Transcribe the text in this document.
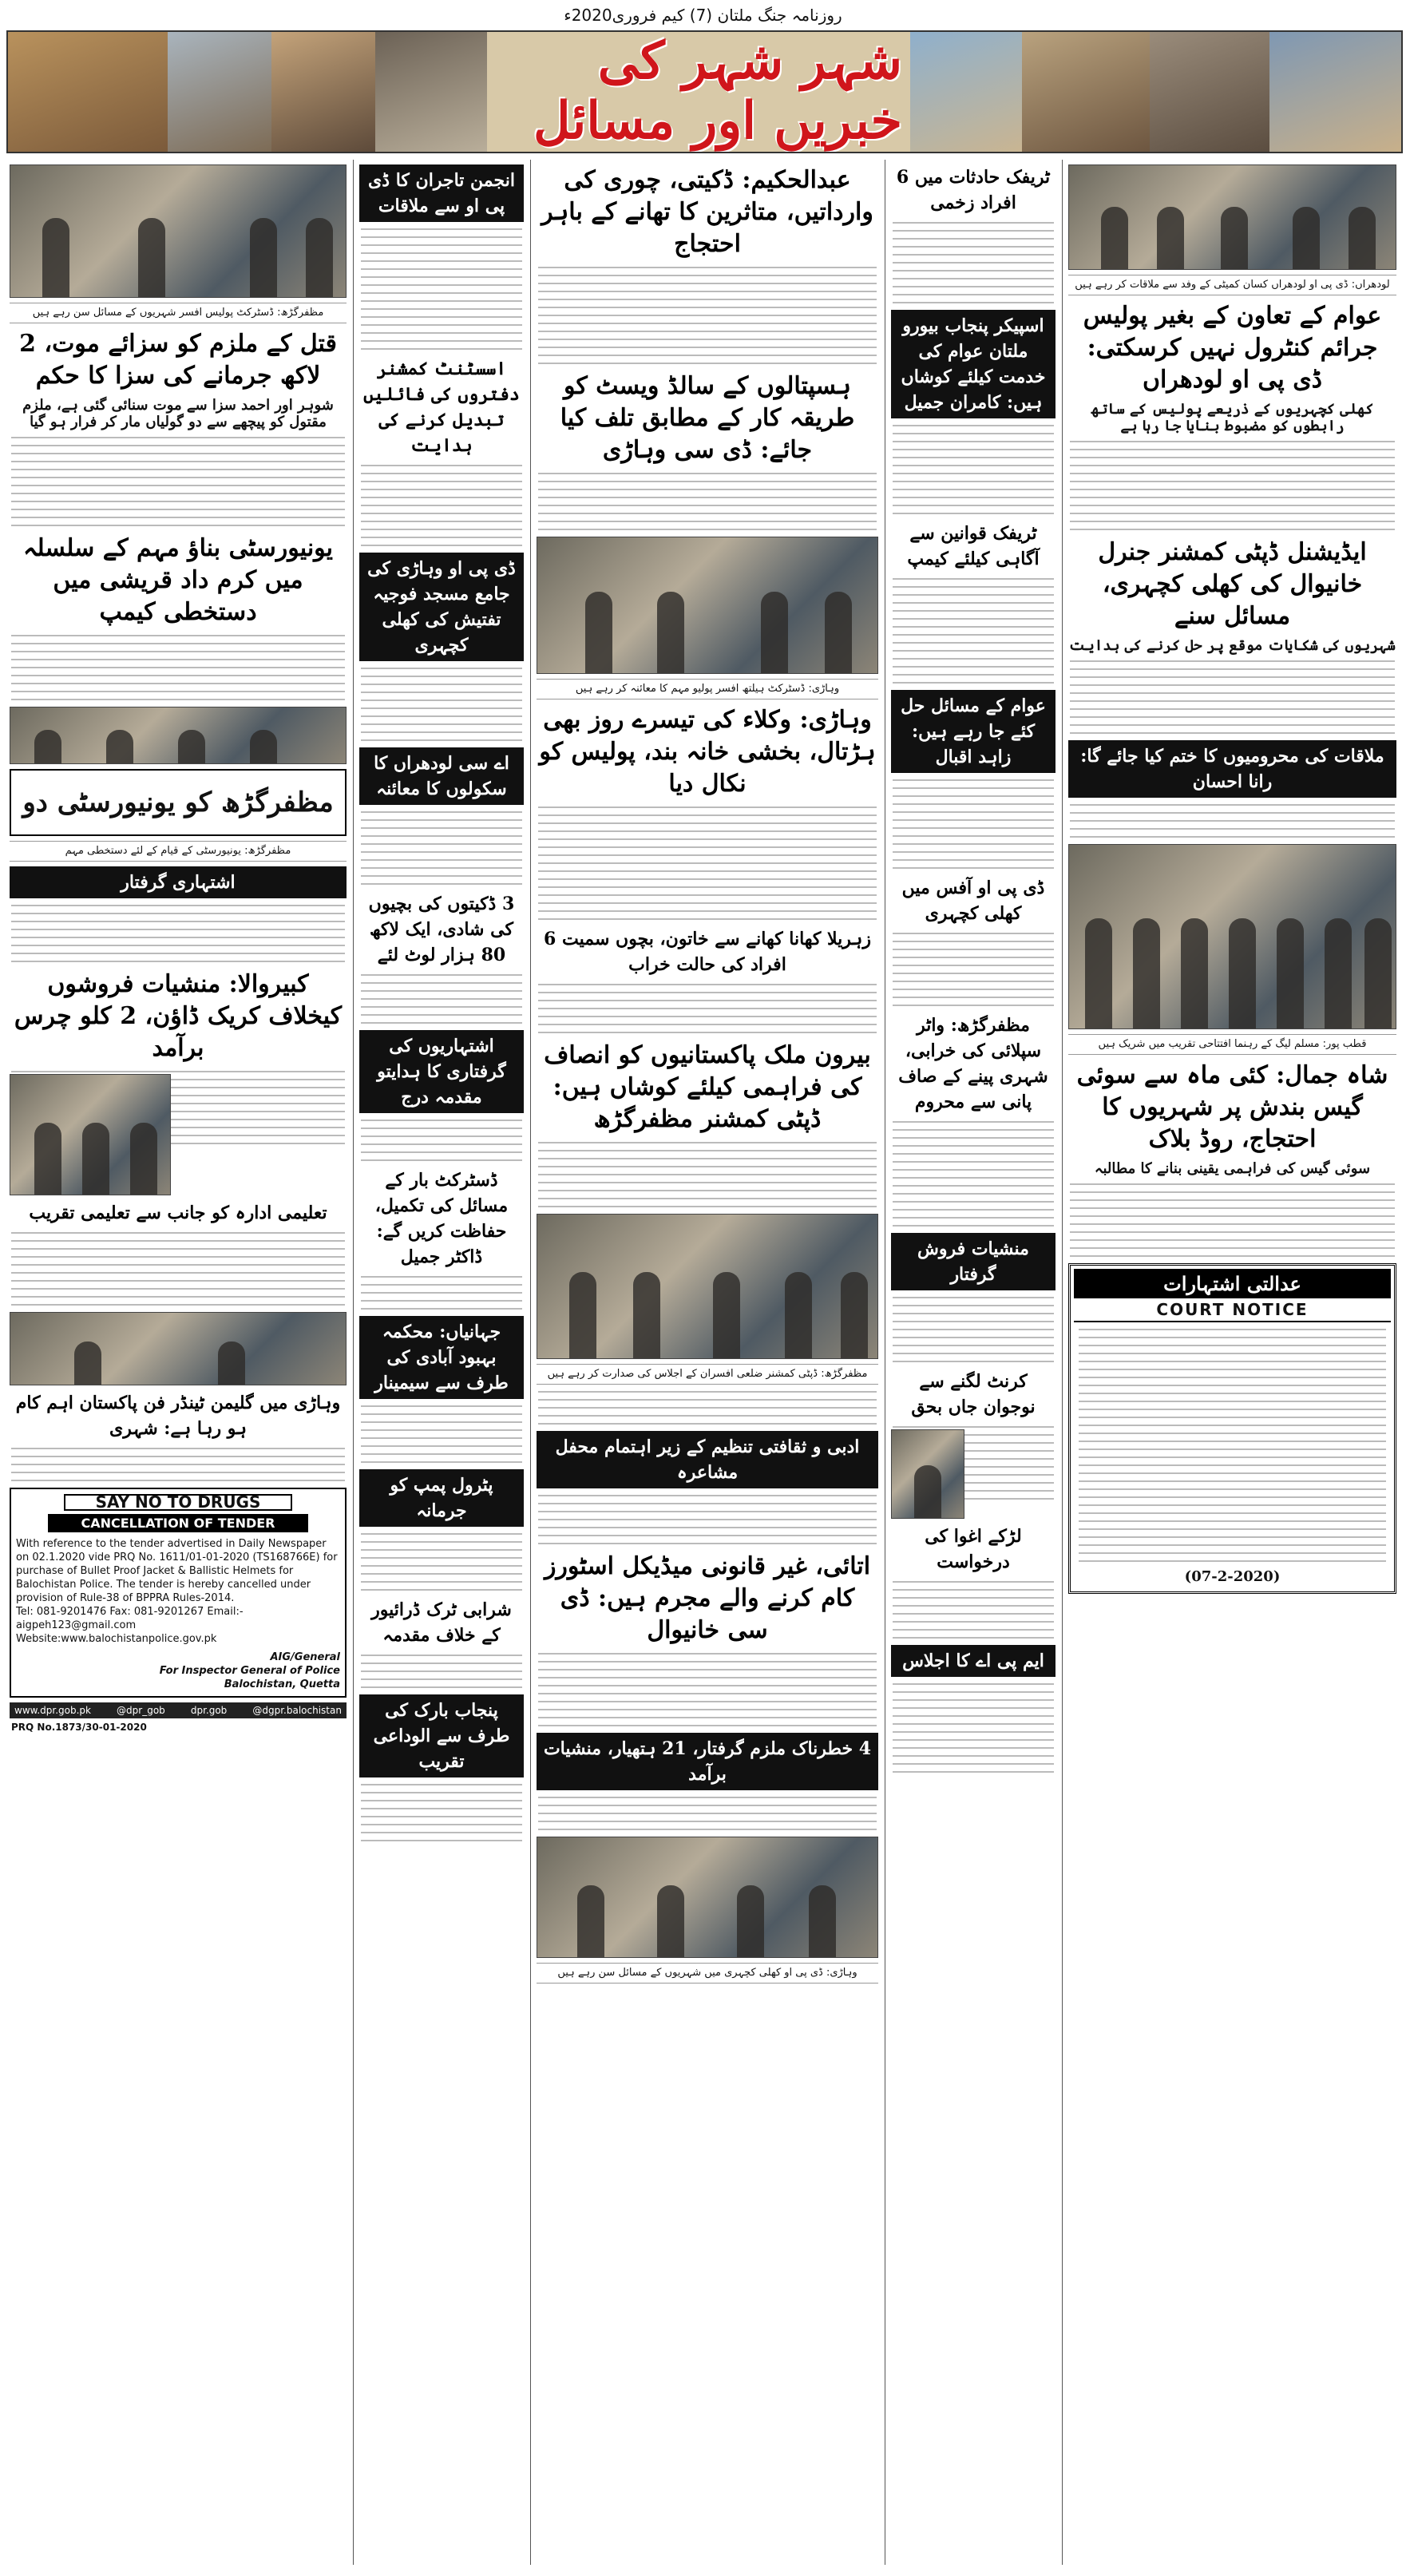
روزنامہ جنگ ملتان (7) کیم فروری2020ء
شہر شہر کی خبریں اور مسائل
لودھراں: ڈی پی او لودھراں کسان کمیٹی کے وفد سے ملاقات کر رہے ہیں
عوام کے تعاون کے بغیر پولیس جرائم کنٹرول نہیں کرسکتی: ڈی پی او لودھراں
کھلی کچہریوں کے ذریعے پولیس کے ساتھ رابطوں کو مضبوط بنایا جا رہا ہے
ایڈیشنل ڈپٹی کمشنر جنرل خانیوال کی کھلی کچہری، مسائل سنے
شہریوں کی شکایات موقع پر حل کرنے کی ہدایت
ملاقات کی محرومیوں کا ختم کیا جائے گا: رانا احسان
قطب پور: مسلم لیگ کے رہنما افتتاحی تقریب میں شریک ہیں
شاہ جمال: کئی ماہ سے سوئی گیس بندش پر شہریوں کا احتجاج، روڈ بلاک
سوئی گیس کی فراہمی یقینی بنانے کا مطالبہ
عدالتی اشتہارات
COURT NOTICE
(07-2-2020)
ٹریفک حادثات میں 6 افراد زخمی
اسپیکر پنجاب بیورو ملتان عوام کی خدمت کیلئے کوشاں ہیں: کامران جمیل
ٹریفک قوانین سے آگاہی کیلئے کیمپ
عوام کے مسائل حل کئے جا رہے ہیں: زاہد اقبال
ڈی پی او آفس میں کھلی کچہری
مظفرگڑھ: واٹر سپلائی کی خرابی، شہری پینے کے صاف پانی سے محروم
منشیات فروش گرفتار
کرنٹ لگنے سے نوجوان جاں بحق
لڑکے اغوا کی درخواست
ایم پی اے کا اجلاس
عبدالحکیم: ڈکیتی، چوری کی وارداتیں، متاثرین کا تھانے کے باہر احتجاج
ہسپتالوں کے سالڈ ویسٹ کو طریقہ کار کے مطابق تلف کیا جائے: ڈی سی وہاڑی
وہاڑی: ڈسٹرکٹ ہیلتھ افسر پولیو مہم کا معائنہ کر رہے ہیں
وہاڑی: وکلاء کی تیسرے روز بھی ہڑتال، بخشی خانہ بند، پولیس کو نکال دیا
زہریلا کھانا کھانے سے خاتون، بچوں سمیت 6 افراد کی حالت خراب
بیرون ملک پاکستانیوں کو انصاف کی فراہمی کیلئے کوشاں ہیں: ڈپٹی کمشنر مظفرگڑھ
مظفرگڑھ: ڈپٹی کمشنر ضلعی افسران کے اجلاس کی صدارت کر رہے ہیں
ادبی و ثقافتی تنظیم کے زیر اہتمام محفل مشاعرہ
اتائی، غیر قانونی میڈیکل اسٹورز کام کرنے والے مجرم ہیں: ڈی سی خانیوال
4 خطرناک ملزم گرفتار، 21 ہتھیار، منشیات برآمد
وہاڑی: ڈی پی او کھلی کچہری میں شہریوں کے مسائل سن رہے ہیں
انجمن تاجران کا ڈی پی او سے ملاقات
اسسٹنٹ کمشنر دفتروں کی فائلیں تبدیل کرنے کی ہدایت
ڈی پی او وہاڑی کی جامع مسجد فوجیہ تفتیش کی کھلی کچہری
اے سی لودھراں کا سکولوں کا معائنہ
3 ڈکیتوں کی بچیوں کی شادی، ایک لاکھ 80 ہزار لوٹ لئے
اشتہاریوں کی گرفتاری کا ہدایتو مقدمہ درج
ڈسٹرکٹ بار کے مسائل کی تکمیل، حفاظت کریں گے: ڈاکٹر جمیل
جہانیاں: محکمہ بہبود آبادی کی طرف سے سیمینار
پٹرول پمپ کو جرمانہ
شرابی ٹرک ڈرائیور کے خلاف مقدمہ
پنجاب بارک کی طرف سے الوداعی تقریب
مظفرگڑھ: ڈسٹرکٹ پولیس افسر شہریوں کے مسائل سن رہے ہیں
قتل کے ملزم کو سزائے موت، 2 لاکھ جرمانے کی سزا کا حکم
شوہر اور احمد سزا سے موت سنائی گئی ہے، ملزم مقتول کو پیچھے سے دو گولیاں مار کر فرار ہو گیا
یونیورسٹی بناؤ مہم کے سلسلہ میں کرم داد قریشی میں دستخطی کیمپ
مظفرگڑھ کو یونیورسٹی دو
مظفرگڑھ: یونیورسٹی کے قیام کے لئے دستخطی مہم
اشتہاری گرفتار
کبیروالا: منشیات فروشوں کیخلاف کریک ڈاؤن، 2 کلو چرس برآمد
تعلیمی ادارہ کو جانب سے تعلیمی تقریب
وہاڑی میں گلیمن ٹینڈر فن پاکستان اہم کام ہو رہا ہے: شہری
SAY NO TO DRUGS
CANCELLATION OF TENDER
With reference to the tender advertised in Daily Newspaper on 02.1.2020 vide PRQ No. 1611/01-01-2020 (TS168766E) for purchase of Bullet Proof Jacket & Ballistic Helmets for Balochistan Police. The tender is hereby cancelled under provision of Rule-38 of BPPRA Rules-2014.
Tel: 081-9201476 Fax: 081-9201267 Email:-aigpeh123@gmail.com
Website:www.balochistanpolice.gov.pk
AIG/General
For Inspector General of Police
Balochistan, Quetta
www.dpr.gob.pk	@dpr_gob	dpr.gob	@dgpr.balochistan
PRQ No.1873/30-01-2020
